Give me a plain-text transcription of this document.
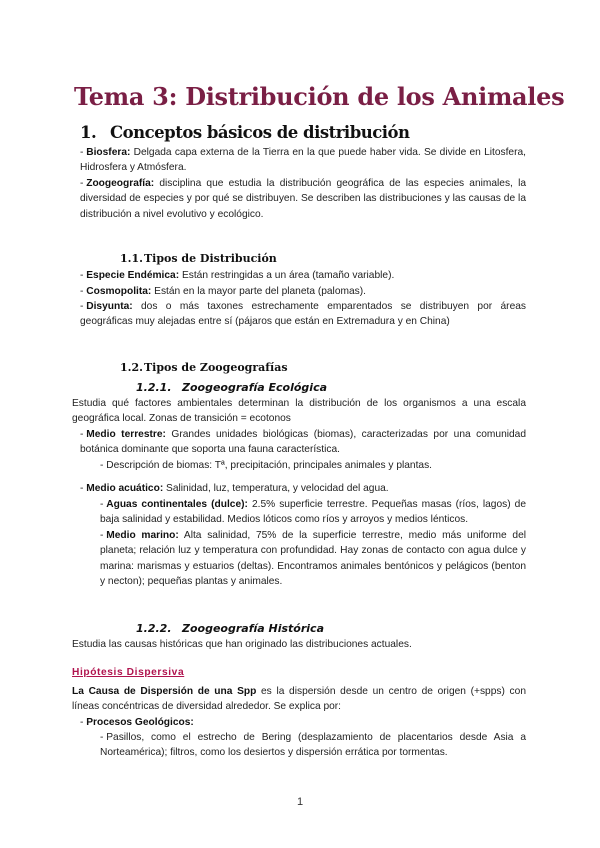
Tema 3: Distribución de los Animales
1. Conceptos básicos de distribución
- Biosfera: Delgada capa externa de la Tierra en la que puede haber vida. Se divide en Litosfera, Hidrosfera y Atmósfera.
- Zoogeografía: disciplina que estudia la distribución geográfica de las especies animales, la diversidad de especies y por qué se distribuyen. Se describen las distribuciones y las causas de la distribución a nivel evolutivo y ecológico.
1.1.Tipos de Distribución
- Especie Endémica: Están restringidas a un área (tamaño variable).
- Cosmopolita: Están en la mayor parte del planeta (palomas).
- Disyunta: dos o más taxones estrechamente emparentados se distribuyen por áreas geográficas muy alejadas entre sí (pájaros que están en Extremadura y en China)
1.2.Tipos de Zoogeografías
1.2.1. Zoogeografía Ecológica
Estudia qué factores ambientales determinan la distribución de los organismos a una escala geográfica local. Zonas de transición = ecotonos
- Medio terrestre: Grandes unidades biológicas (biomas), caracterizadas por una comunidad botánica dominante que soporta una fauna característica.
- Descripción de biomas: Tª, precipitación, principales animales y plantas.
- Medio acuático: Salinidad, luz, temperatura, y velocidad del agua.
- Aguas continentales (dulce): 2.5% superficie terrestre. Pequeñas masas (ríos, lagos) de baja salinidad y estabilidad. Medios lóticos como ríos y arroyos y medios lénticos.
- Medio marino: Alta salinidad, 75% de la superficie terrestre, medio más uniforme del planeta; relación luz y temperatura con profundidad. Hay zonas de contacto con agua dulce y marina: marismas y estuarios (deltas). Encontramos animales bentónicos y pelágicos (benton y necton); pequeñas plantas y animales.
1.2.2. Zoogeografía Histórica
Estudia las causas históricas que han originado las distribuciones actuales.
Hipótesis Dispersiva
La Causa de Dispersión de una Spp es la dispersión desde un centro de origen (+spps) con líneas concéntricas de diversidad alrededor. Se explica por:
- Procesos Geológicos:
- Pasillos, como el estrecho de Bering (desplazamiento de placentarios desde Asia a Norteamérica); filtros, como los desiertos y dispersión errática por tormentas.
1
